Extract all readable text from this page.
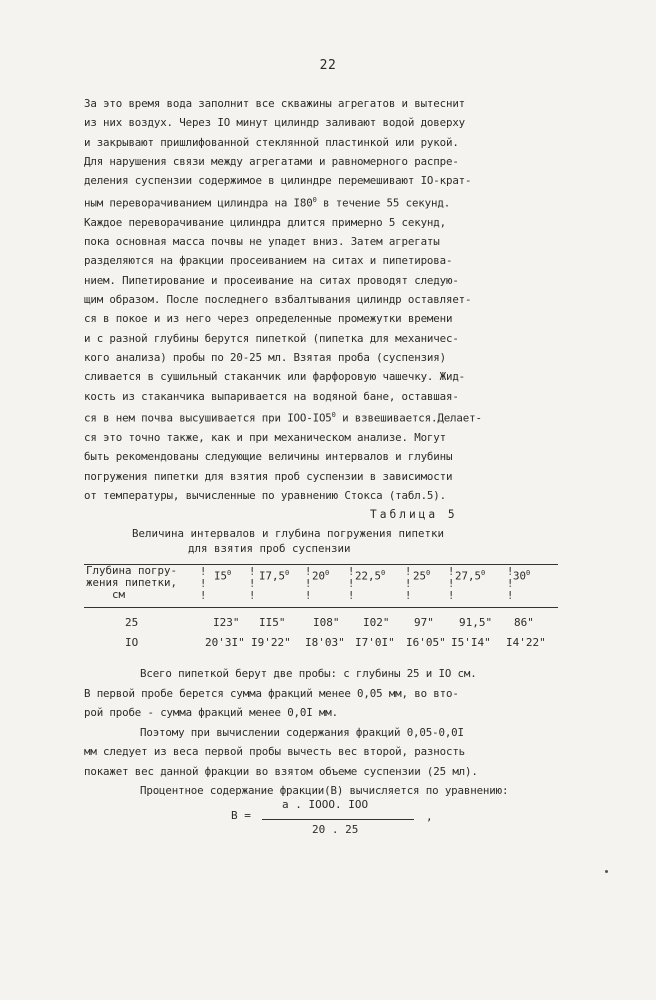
22
За это время вода заполнит все скважины агрегатов и вытеснит
из них воздух. Через IO минут цилиндр заливают водой доверху
и закрывают пришлифованной стеклянной пластинкой или рукой.
Для нарушения связи между агрегатами и равномерного распре-
деления суспензии содержимое в цилиндре перемешивают IO-крат-
ным переворачиванием цилиндра на $I80^0$ в течение 55 секунд.
Каждое переворачивание цилиндра длится примерно 5 секунд,
пока основная масса почвы не упадет вниз. Затем агрегаты
разделяются на фракции просеиванием на ситах и пипетирова-
нием. Пипетирование и просеивание на ситах проводят следую-
щим образом. После последнего взбалтывания цилиндр оставляет-
ся в покое и из него через определенные промежутки времени
и с разной глубины берутся пипеткой (пипетка для механичес-
кого анализа) пробы по 20-25 мл. Взятая проба (суспензия)
сливается в сушильный стаканчик или фарфоровую чашечку. Жид-
кость из стаканчика выпаривается на водяной бане, оставшая-
ся в нем почва высушивается при IOO-$IO5^0$ и взвешивается.Делает-
ся это точно также, как и при механическом анализе. Могут
быть рекомендованы следующие величины интервалов и глубины
погружения пипетки для взятия проб суспензии в зависимости
от температуры, вычисленные по уравнению Стокса (табл.5).
Таблица 5
Величина интервалов и глубина погружения пипетки
для взятия проб суспензии
Глубина погру-
жения пипетки,
см
$I5^0$	$I7,5^0$ $20^0$ 22,5$^0$	$25^0$ 27,5$^0$	$30^0$
!
!
!
!
!
!
!
!
!
!
!
!
!
!
!
!
!
!
!
!
!
25	I23" II5"	I08" I02" 97" 91,5" 86"
IO	20'3I" I9'22" I8'03" I7'0I" I6'05" I5'I4" I4'22"
Всего пипеткой берут две пробы: с глубины 25 и IO см.
В первой пробе берется сумма фракций менее 0,05 мм, во вто-
рой пробе - сумма фракций менее 0,0I мм.
Поэтому при вычислении содержания фракций 0,05-0,0I
мм следует из веса первой пробы вычесть вес второй, разность
покажет вес данной фракции во взятом объеме суспензии (25 мл).
Процентное содержание фракции(В) вычисляется по уравнению:
В =
а . IOOO. IOO
20 . 25
,
